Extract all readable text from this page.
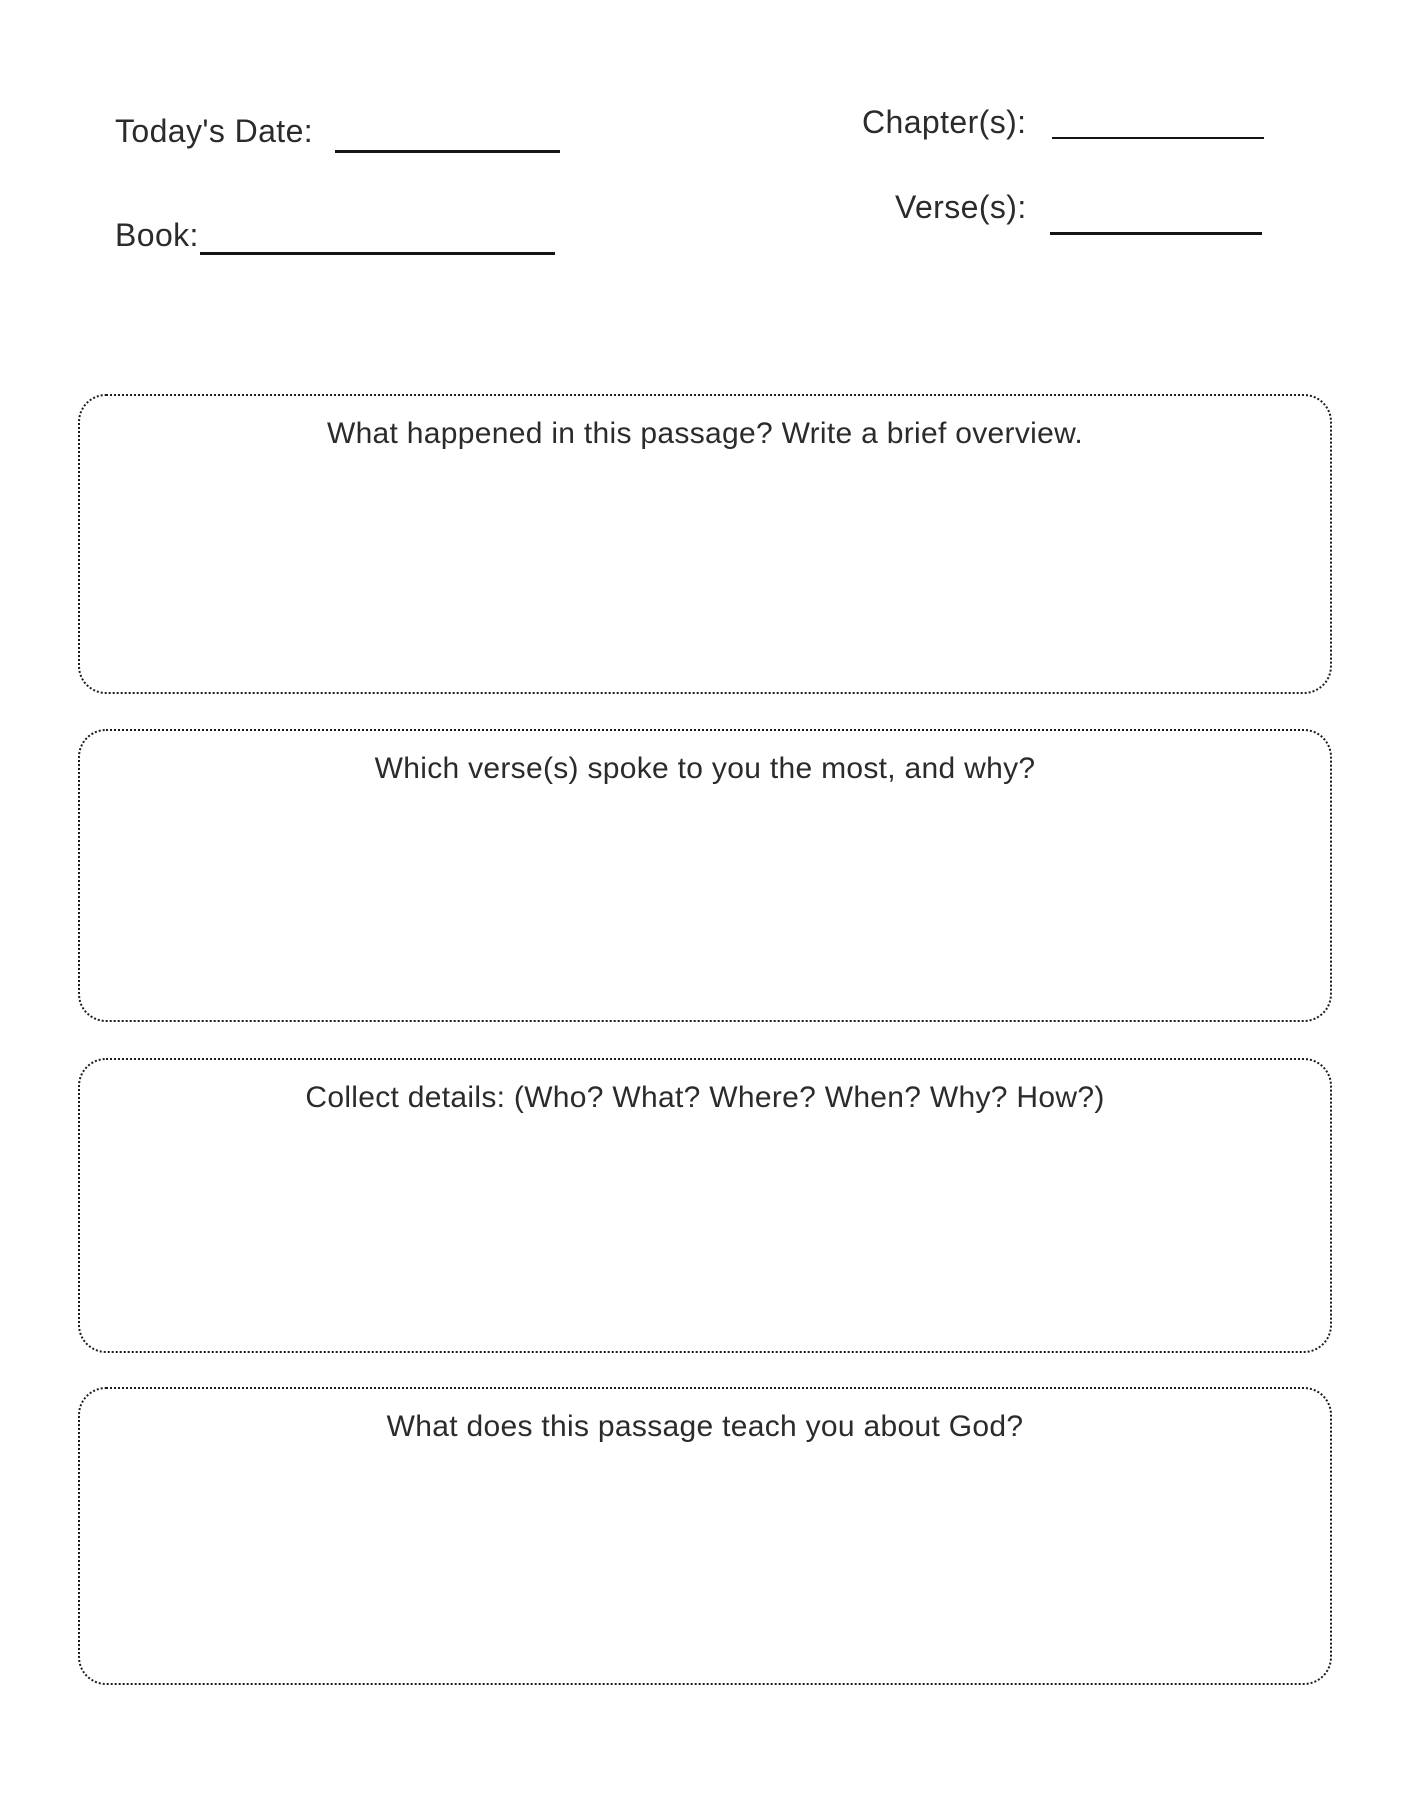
Today's Date:
Book:
Chapter(s):
Verse(s):
What happened in this passage? Write a brief overview.
Which verse(s) spoke to you the most, and why?
Collect details: (Who? What? Where? When? Why? How?)
What does this passage teach you about God?
